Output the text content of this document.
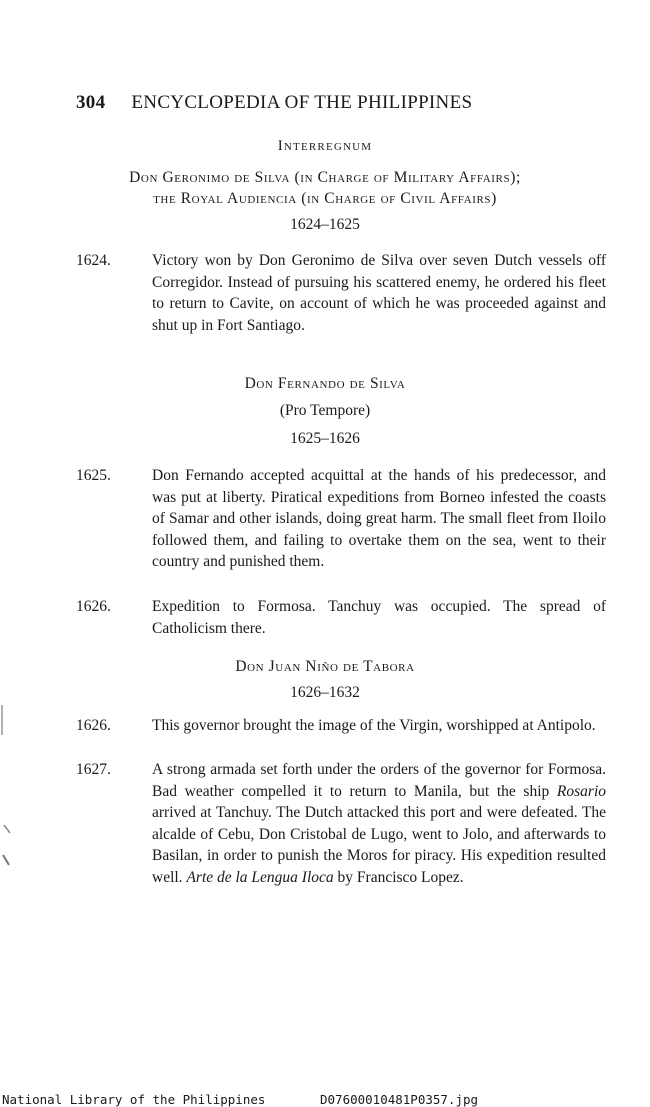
304 ENCYCLOPEDIA OF THE PHILIPPINES
Interregnum
Don Geronimo de Silva (in Charge of Military Affairs);
the Royal Audiencia (in Charge of Civil Affairs)
1624–1625
1624.	Victory won by Don Geronimo de Silva over seven Dutch vessels off Corregidor. Instead of pursuing his scattered enemy, he ordered his fleet to return to Cavite, on account of which he was proceeded against and shut up in Fort Santiago.
Don Fernando de Silva
(Pro Tempore)
1625–1626
1625.	Don Fernando accepted acquittal at the hands of his predecessor, and was put at liberty. Piratical expeditions from Borneo infested the coasts of Samar and other islands, doing great harm. The small fleet from Iloilo followed them, and failing to overtake them on the sea, went to their country and punished them.
1626.	Expedition to Formosa. Tanchuy was occupied. The spread of Catholicism there.
Don Juan Niño de Tabora
1626–1632
1626.	This governor brought the image of the Virgin, worshipped at Antipolo.
1627.	A strong armada set forth under the orders of the governor for Formosa. Bad weather compelled it to return to Manila, but the ship Rosario arrived at Tanchuy. The Dutch attacked this port and were defeated. The alcalde of Cebu, Don Cristobal de Lugo, went to Jolo, and afterwards to Basilan, in order to punish the Moros for piracy. His expedition resulted well. Arte de la Lengua Iloca by Francisco Lopez.
National Library of the Philippines	D07600010481P0357.jpg
